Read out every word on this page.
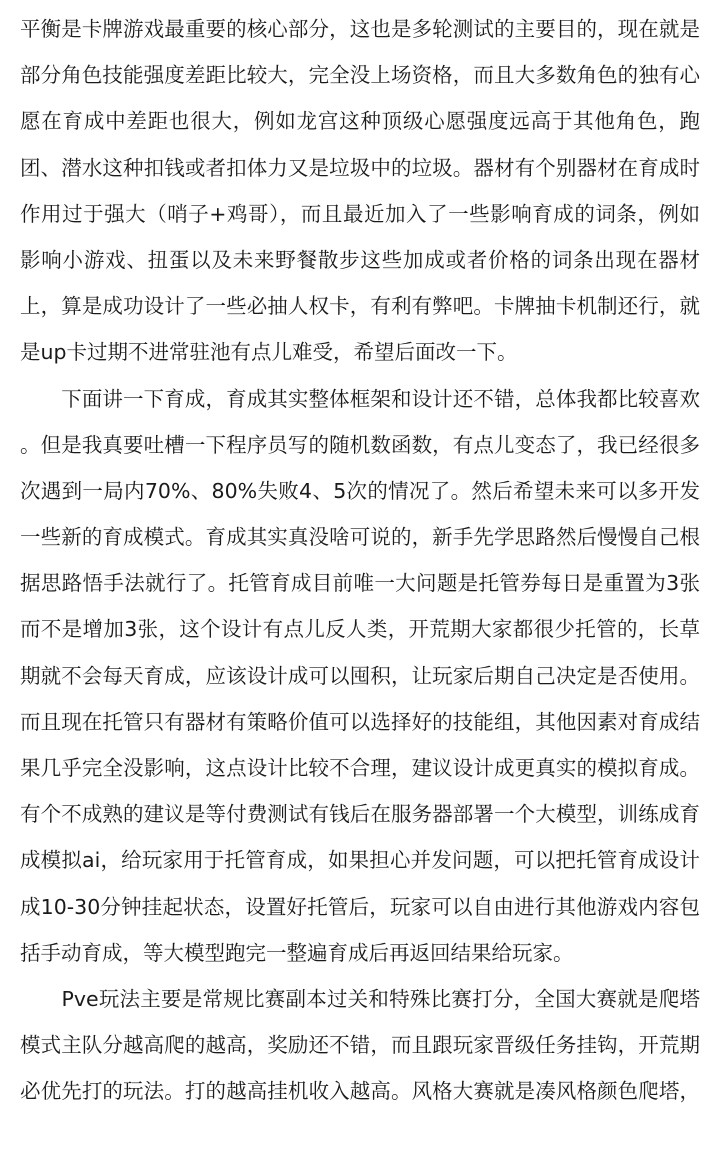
平衡是卡牌游戏最重要的核心部分，这也是多轮测试的主要目的，现在就是
部分角色技能强度差距比较大，完全没上场资格，而且大多数角色的独有心
愿在育成中差距也很大，例如龙宫这种顶级心愿强度远高于其他角色，跑
团、潜水这种扣钱或者扣体力又是垃圾中的垃圾。器材有个别器材在育成时
作用过于强大（哨子+鸡哥），而且最近加入了一些影响育成的词条，例如
影响小游戏、扭蛋以及未来野餐散步这些加成或者价格的词条出现在器材
上，算是成功设计了一些必抽人权卡，有利有弊吧。卡牌抽卡机制还行，就
是up卡过期不进常驻池有点儿难受，希望后面改一下。
　　下面讲一下育成，育成其实整体框架和设计还不错，总体我都比较喜欢
。但是我真要吐槽一下程序员写的随机数函数，有点儿变态了，我已经很多
次遇到一局内70%、80%失败4、5次的情况了。然后希望未来可以多开发
一些新的育成模式。育成其实真没啥可说的，新手先学思路然后慢慢自己根
据思路悟手法就行了。托管育成目前唯一大问题是托管券每日是重置为3张
而不是增加3张，这个设计有点儿反人类，开荒期大家都很少托管的，长草
期就不会每天育成，应该设计成可以囤积，让玩家后期自己决定是否使用。
而且现在托管只有器材有策略价值可以选择好的技能组，其他因素对育成结
果几乎完全没影响，这点设计比较不合理，建议设计成更真实的模拟育成。
有个不成熟的建议是等付费测试有钱后在服务器部署一个大模型，训练成育
成模拟ai，给玩家用于托管育成，如果担心并发问题，可以把托管育成设计
成10-30分钟挂起状态，设置好托管后，玩家可以自由进行其他游戏内容包
括手动育成，等大模型跑完一整遍育成后再返回结果给玩家。
　　Pve玩法主要是常规比赛副本过关和特殊比赛打分，全国大赛就是爬塔
模式主队分越高爬的越高，奖励还不错，而且跟玩家晋级任务挂钩，开荒期
必优先打的玩法。打的越高挂机收入越高。风格大赛就是凑风格颜色爬塔，
